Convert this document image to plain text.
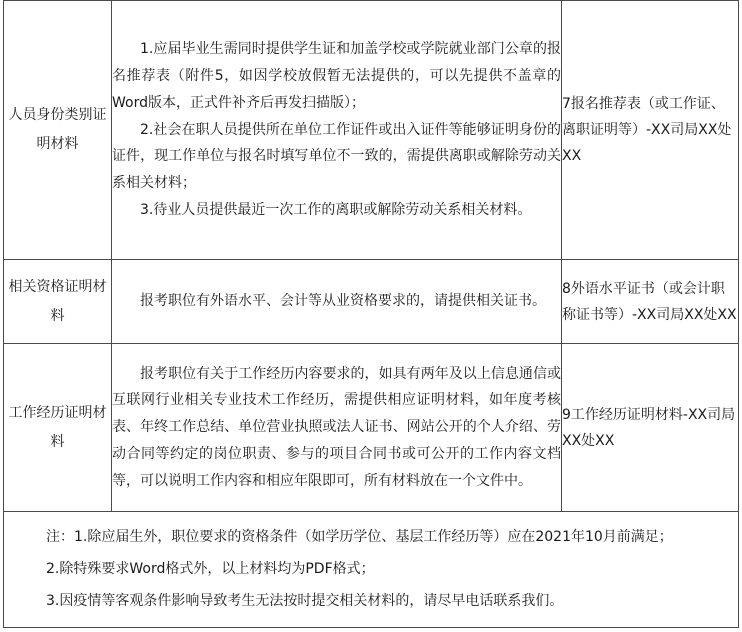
人员身份类别证明材料	1.应届毕业生需同时提供学生证和加盖学校或学院就业部门公章的报名推荐表（附件5，如因学校放假暂无法提供的，可以先提供不盖章的Word版本，正式件补齐后再发扫描版）；

2.社会在职人员提供所在单位工作证件或出入证件等能够证明身份的证件，现工作单位与报名时填写单位不一致的，需提供离职或解除劳动关系相关材料；

3.待业人员提供最近一次工作的离职或解除劳动关系相关材料。	7报名推荐表（或工作证、离职证明等）-XX司局XX处XX
相关资格证明材料	报考职位有外语水平、会计等从业资格要求的，请提供相关证书。	8外语水平证书（或会计职称证书等）-XX司局XX处XX
工作经历证明材料	报考职位有关于工作经历内容要求的，如具有两年及以上信息通信或互联网行业相关专业技术工作经历，需提供相应证明材料，如年度考核表、年终工作总结、单位营业执照或法人证书、网站公开的个人介绍、劳动合同等约定的岗位职责、参与的项目合同书或可公开的工作内容文档等，可以说明工作内容和相应年限即可，所有材料放在一个文件中。	9工作经历证明材料-XX司局XX处XX

注：1.除应届生外，职位要求的资格条件（如学历学位、基层工作经历等）应在2021年10月前满足；

2.除特殊要求Word格式外，以上材料均为PDF格式；

3.因疫情等客观条件影响导致考生无法按时提交相关材料的，请尽早电话联系我们。		
